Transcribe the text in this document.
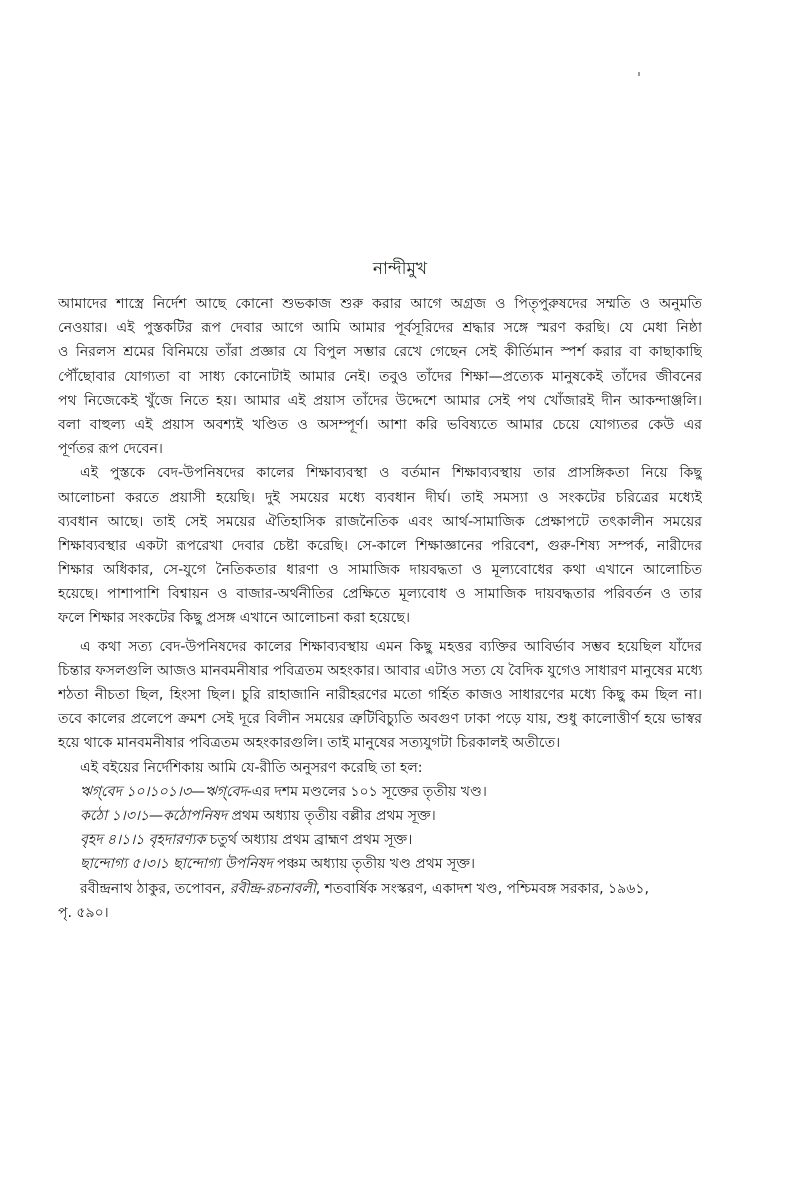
নান্দীমুখ
আমাদের শাস্ত্রে নির্দেশ আছে কোনো শুভকাজ শুরু করার আগে অগ্রজ ও পিতৃপুরুষদের সম্মতি ও অনুমতি
নেওয়ার। এই পুস্তকটির রূপ দেবার আগে আমি আমার পূর্বসূরিদের শ্রদ্ধার সঙ্গে স্মরণ করছি। যে মেধা নিষ্ঠা
ও নিরলস শ্রমের বিনিময়ে তাঁরা প্রজ্ঞার যে বিপুল সম্ভার রেখে গেছেন সেই কীর্তিমান স্পর্শ করার বা কাছাকাছি
পৌঁছোবার যোগ্যতা বা সাধ্য কোনোটাই আমার নেই। তবুও তাঁদের শিক্ষা—প্রত্যেক মানুষকেই তাঁদের জীবনের
পথ নিজেকেই খুঁজে নিতে হয়। আমার এই প্রয়াস তাঁদের উদ্দেশে আমার সেই পথ খোঁজারই দীন আকন্দাঞ্জলি।
বলা বাহুল্য এই প্রয়াস অবশ্যই খণ্ডিত ও অসম্পূর্ণ। আশা করি ভবিষ্যতে আমার চেয়ে যোগ্যতর কেউ এর
পূর্ণতর রূপ দেবেন।
এই পুস্তকে বেদ-উপনিষদের কালের শিক্ষাব্যবস্থা ও বর্তমান শিক্ষাব্যবস্থায় তার প্রাসঙ্গিকতা নিয়ে কিছু
আলোচনা করতে প্রয়াসী হয়েছি। দুই সময়ের মধ্যে ব্যবধান দীর্ঘ। তাই সমস্যা ও সংকটের চরিত্রের মধ্যেই
ব্যবধান আছে। তাই সেই সময়ের ঐতিহাসিক রাজনৈতিক এবং আর্থ-সামাজিক প্রেক্ষাপটে তৎকালীন সময়ের
শিক্ষাব্যবস্থার একটা রূপরেখা দেবার চেষ্টা করেছি। সে-কালে শিক্ষাজ্ঞানের পরিবেশ, গুরু-শিষ্য সম্পর্ক, নারীদের
শিক্ষার অধিকার, সে-যুগে নৈতিকতার ধারণা ও সামাজিক দায়বদ্ধতা ও মূল্যবোধের কথা এখানে আলোচিত
হয়েছে। পাশাপাশি বিশ্বায়ন ও বাজার-অর্থনীতির প্রেক্ষিতে মূল্যবোধ ও সামাজিক দায়বদ্ধতার পরিবর্তন ও তার
ফলে শিক্ষার সংকটের কিছু প্রসঙ্গ এখানে আলোচনা করা হয়েছে।
এ কথা সত্য বেদ-উপনিষদের কালের শিক্ষাব্যবস্থায় এমন কিছু মহত্তর ব্যক্তির আবির্ভাব সম্ভব হয়েছিল যাঁদের
চিন্তার ফসলগুলি আজও মানবমনীষার পবিত্রতম অহংকার। আবার এটাও সত্য যে বৈদিক যুগেও সাধারণ মানুষের মধ্যে
শঠতা নীচতা ছিল, হিংসা ছিল। চুরি রাহাজানি নারীহরণের মতো গর্হিত কাজও সাধারণের মধ্যে কিছু কম ছিল না।
তবে কালের প্রলেপে ক্রমশ সেই দূরে বিলীন সময়ের ত্রুটিবিচ্যুতি অবগুণ ঢাকা পড়ে যায়, শুধু কালোত্তীর্ণ হয়ে ভাস্বর
হয়ে থাকে মানবমনীষার পবিত্রতম অহংকারগুলি। তাই মানুষের সত্যযুগটা চিরকালই অতীতে।
এই বইয়ের নির্দেশিকায় আমি যে-রীতি অনুসরণ করেছি তা হল:
ঋগ্‌বেদ ১০।১০১।৩—ঋগ্‌বেদ-এর দশম মণ্ডলের ১০১ সূক্তের তৃতীয় খণ্ড।
কঠো ১।৩।১—কঠোপনিষদ প্রথম অধ্যায় তৃতীয় বল্লীর প্রথম সূক্ত।
বৃহদ ৪।১।১ বৃহদারণ্যক চতুর্থ অধ্যায় প্রথম ব্রাহ্মণ প্রথম সূক্ত।
ছান্দোগ্য ৫।৩।১ ছান্দোগ্য উপনিষদ পঞ্চম অধ্যায় তৃতীয় খণ্ড প্রথম সূক্ত।
রবীন্দ্রনাথ ঠাকুর, তপোবন, রবীন্দ্র-রচনাবলী, শতবার্ষিক সংস্করণ, একাদশ খণ্ড, পশ্চিমবঙ্গ সরকার, ১৯৬১,
পৃ. ৫৯০।
